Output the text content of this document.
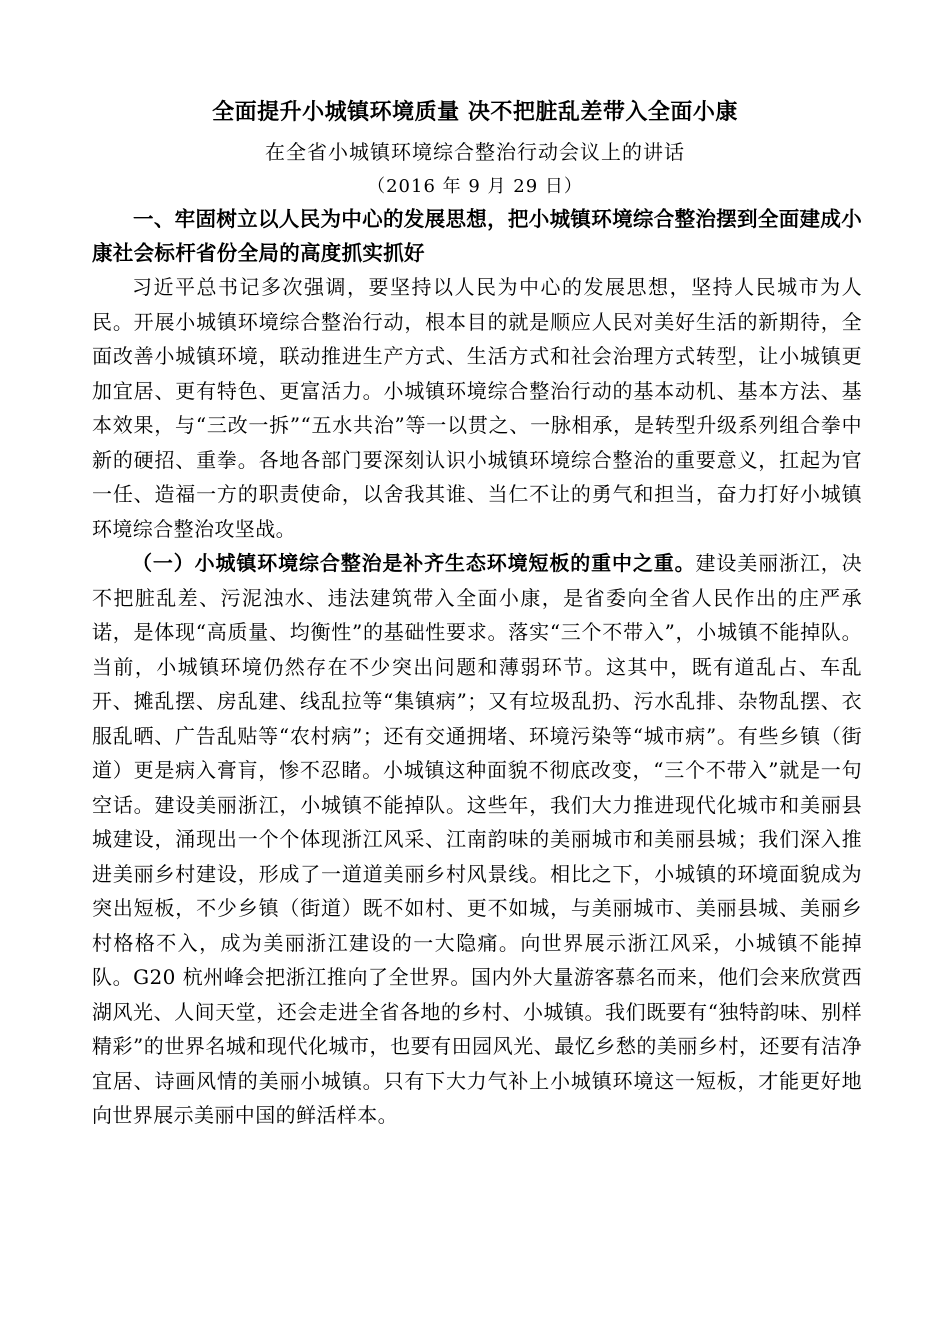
全面提升小城镇环境质量 决不把脏乱差带入全面小康
在全省小城镇环境综合整治行动会议上的讲话
（2016 年 9 月 29 日）

一、牢固树立以人民为中心的发展思想，把小城镇环境综合整治摆到全面建成小康社会标杆省份全局的高度抓实抓好

习近平总书记多次强调，要坚持以人民为中心的发展思想，坚持人民城市为人民。开展小城镇环境综合整治行动，根本目的就是顺应人民对美好生活的新期待，全面改善小城镇环境，联动推进生产方式、生活方式和社会治理方式转型，让小城镇更加宜居、更有特色、更富活力。小城镇环境综合整治行动的基本动机、基本方法、基本效果，与“三改一拆”“五水共治”等一以贯之、一脉相承，是转型升级系列组合拳中新的硬招、重拳。各地各部门要深刻认识小城镇环境综合整治的重要意义，扛起为官一任、造福一方的职责使命，以舍我其谁、当仁不让的勇气和担当，奋力打好小城镇环境综合整治攻坚战。

（一）小城镇环境综合整治是补齐生态环境短板的重中之重。建设美丽浙江，决不把脏乱差、污泥浊水、违法建筑带入全面小康，是省委向全省人民作出的庄严承诺，是体现“高质量、均衡性”的基础性要求。落实“三个不带入”，小城镇不能掉队。当前，小城镇环境仍然存在不少突出问题和薄弱环节。这其中，既有道乱占、车乱开、摊乱摆、房乱建、线乱拉等“集镇病”；又有垃圾乱扔、污水乱排、杂物乱摆、衣服乱晒、广告乱贴等“农村病”；还有交通拥堵、环境污染等“城市病”。有些乡镇（街道）更是病入膏肓，惨不忍睹。小城镇这种面貌不彻底改变，“三个不带入”就是一句空话。建设美丽浙江，小城镇不能掉队。这些年，我们大力推进现代化城市和美丽县城建设，涌现出一个个体现浙江风采、江南韵味的美丽城市和美丽县城；我们深入推进美丽乡村建设，形成了一道道美丽乡村风景线。相比之下，小城镇的环境面貌成为突出短板，不少乡镇（街道）既不如村、更不如城，与美丽城市、美丽县城、美丽乡村格格不入，成为美丽浙江建设的一大隐痛。向世界展示浙江风采，小城镇不能掉队。G20 杭州峰会把浙江推向了全世界。国内外大量游客慕名而来，他们会来欣赏西湖风光、人间天堂，还会走进全省各地的乡村、小城镇。我们既要有“独特韵味、别样精彩”的世界名城和现代化城市，也要有田园风光、最忆乡愁的美丽乡村，还要有洁净宜居、诗画风情的美丽小城镇。只有下大力气补上小城镇环境这一短板，才能更好地向世界展示美丽中国的鲜活样本。
